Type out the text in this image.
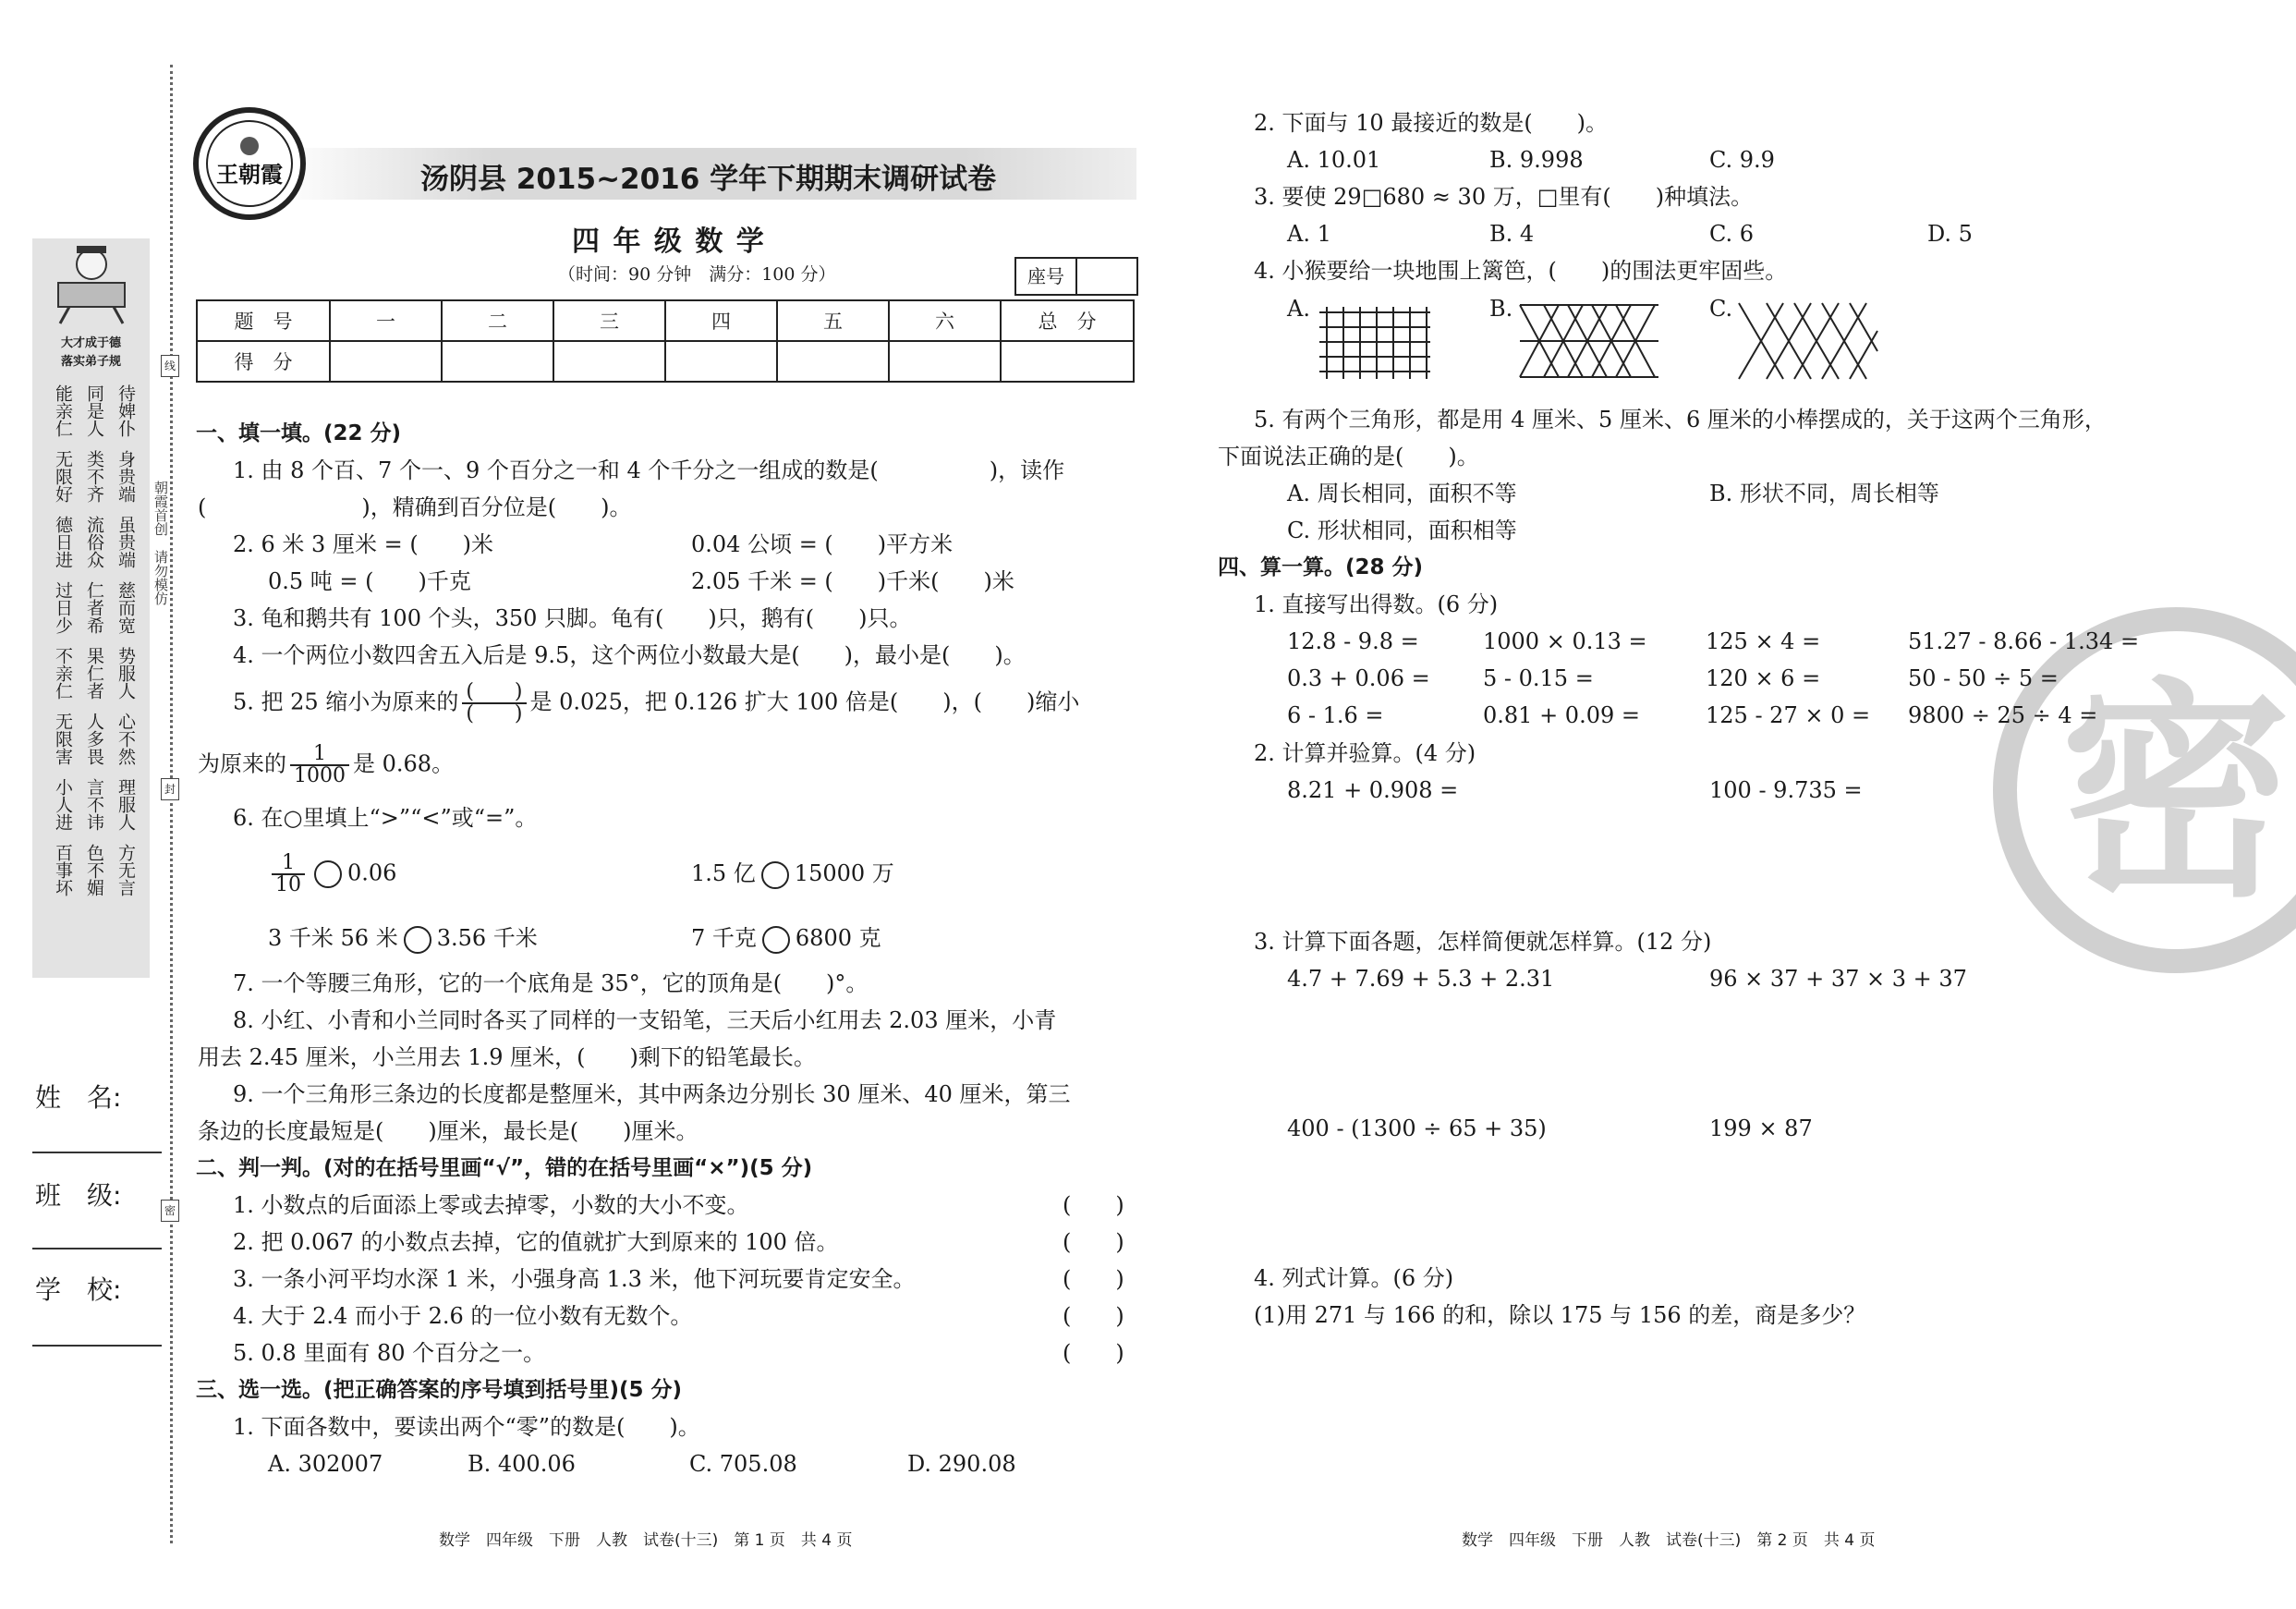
大才成于德
落实弟子规
能亲仁 同是人 待婢仆
无限好 类不齐 身贵端
德日进 流俗众 虽贵端
过日少 仁者希 慈而宽
不亲仁 果仁者 势服人
无限害 人多畏 心不然
小人进 言不讳 理服人
百事坏 色不媚 方无言
朝霞首创　请勿模仿
线
封
密
姓　名:
班　级:
学　校:
王朝霞	汤阴县 2015~2016 学年下期期末调研试卷
四 年 级 数 学
（时间：90 分钟　满分：100 分）	座号
题　号	一	二	三	四	五	六	总　分
得　分							
一、填一填。(22 分)
1. 由 8 个百、7 个一、9 个百分之一和 4 个千分之一组成的数是(　　　　　)，读作
(　　　　　　　)，精确到百分位是(　　)。
2. 6 米 3 厘米 = (　　)米	0.04 公顷 = (　　)平方米
0.5 吨 = (　　)千克	2.05 千米 = (　　)千米(　　)米
3. 龟和鹅共有 100 个头，350 只脚。龟有(　　)只，鹅有(　　)只。
4. 一个两位小数四舍五入后是 9.5，这个两位小数最大是(　　)，最小是(　　)。
5. 把 25 缩小为原来的 $\frac{( )}{( )}$ 是 0.025，把 0.126 扩大 100 倍是(　　)，(　　)缩小
为原来的 $\frac{1}{1000}$ 是 0.68。
6. 在○里填上“>”“<”或“=”。
$\frac{1}{10} 0.06$	1.5 亿 15000 万
3 千米 56 米 3.56 千米	7 千克 6800 克
7. 一个等腰三角形，它的一个底角是 35°，它的顶角是(　　)°。
8. 小红、小青和小兰同时各买了同样的一支铅笔，三天后小红用去 2.03 厘米，小青
用去 2.45 厘米，小兰用去 1.9 厘米，(　　)剩下的铅笔最长。
9. 一个三角形三条边的长度都是整厘米，其中两条边分别长 30 厘米、40 厘米，第三
条边的长度最短是(　　)厘米，最长是(　　)厘米。
二、判一判。(对的在括号里画“√”，错的在括号里画“×”)(5 分)
1. 小数点的后面添上零或去掉零，小数的大小不变。	(　　)
2. 把 0.067 的小数点去掉，它的值就扩大到原来的 100 倍。	(　　)
3. 一条小河平均水深 1 米，小强身高 1.3 米，他下河玩要肯定安全。	(　　)
4. 大于 2.4 而小于 2.6 的一位小数有无数个。	(　　)
5. 0.8 里面有 80 个百分之一。	(　　)
三、选一选。(把正确答案的序号填到括号里)(5 分)
1. 下面各数中，要读出两个“零”的数是(　　)。
A. 302007	B. 400.06	C. 705.08	D. 290.08
数学　四年级　下册　人教　试卷(十三)　第 1 页　共 4 页
密
2. 下面与 10 最接近的数是(　　)。
A. 10.01	B. 9.998	C. 9.9
3. 要使 29□680 ≈ 30 万，□里有(　　)种填法。
A. 1	B. 4	C. 6	D. 5
4. 小猴要给一块地围上篱笆，(　　)的围法更牢固些。
A.	B.	C.
5. 有两个三角形，都是用 4 厘米、5 厘米、6 厘米的小棒摆成的，关于这两个三角形，
下面说法正确的是(　　)。
A. 周长相同，面积不等	B. 形状不同，周长相等
C. 形状相同，面积相等
四、算一算。(28 分)
1. 直接写出得数。(6 分)
12.8 - 9.8 =	1000 × 0.13 =	125 × 4 =	51.27 - 8.66 - 1.34 =
0.3 + 0.06 = 5 - 0.15 =	120 × 6 =	50 - 50 ÷ 5 =
6 - 1.6 =	0.81 + 0.09 =	125 - 27 × 0 = 9800 ÷ 25 ÷ 4 =
2. 计算并验算。(4 分)
8.21 + 0.908 =	100 - 9.735 =
3. 计算下面各题，怎样简便就怎样算。(12 分)
4.7 + 7.69 + 5.3 + 2.31	96 × 37 + 37 × 3 + 37
400 - (1300 ÷ 65 + 35)	199 × 87
4. 列式计算。(6 分)
(1)用 271 与 166 的和，除以 175 与 156 的差，商是多少？
数学　四年级　下册　人教　试卷(十三)　第 2 页　共 4 页
